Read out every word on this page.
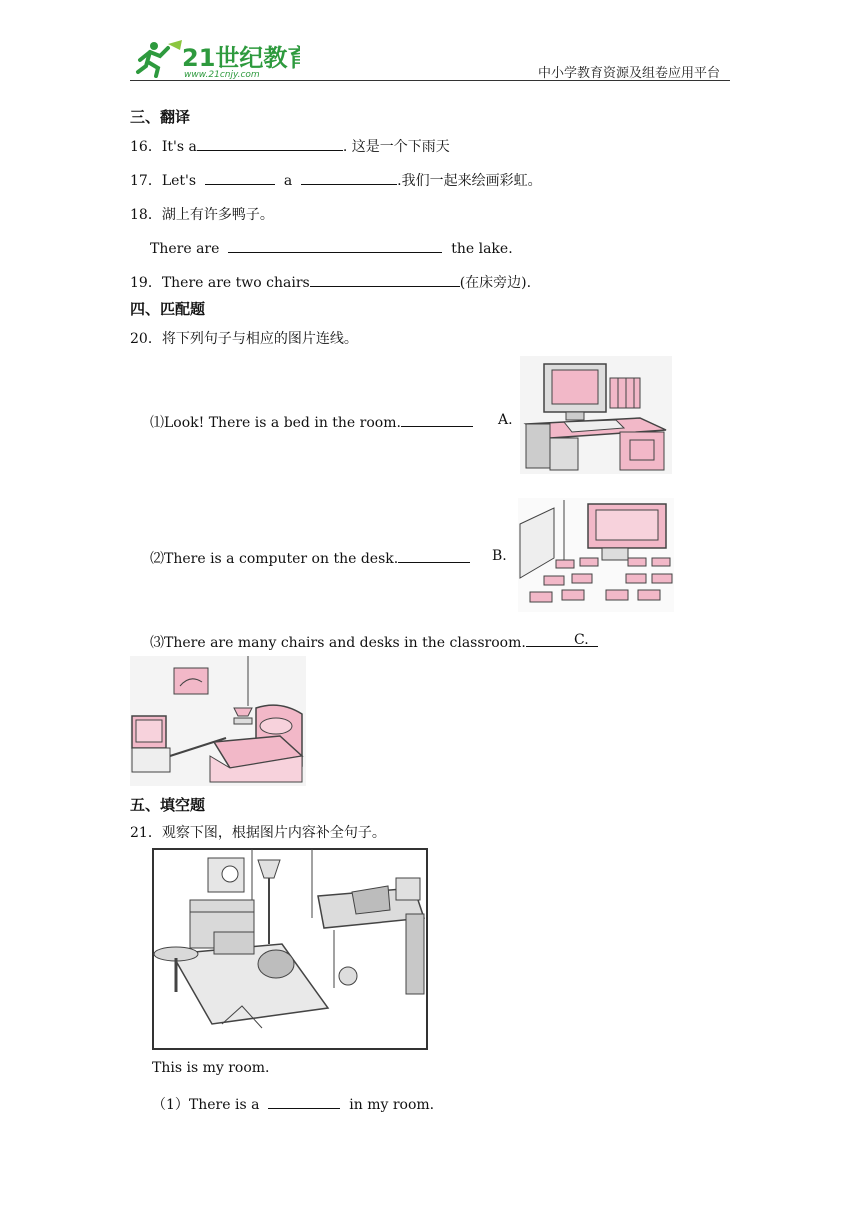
21世纪教育
www.21cnjy.com	中小学教育资源及组卷应用平台
三、翻译
16．It's a	. 这是一个下雨天
17．Let's	a	.我们一起来绘画彩虹。
18．湖上有许多鸭子。
There are	the lake.
19．There are two chairs	(在床旁边).
四、匹配题
20．将下列句子与相应的图片连线。
⑴Look! There is a bed in the room.	A.
⑵There is a computer on the desk.	B.
⑶There are many chairs and desks in the classroom.	C.
五、填空题
21．观察下图，根据图片内容补全句子。
This is my room.
（1）There is a	in my room.
